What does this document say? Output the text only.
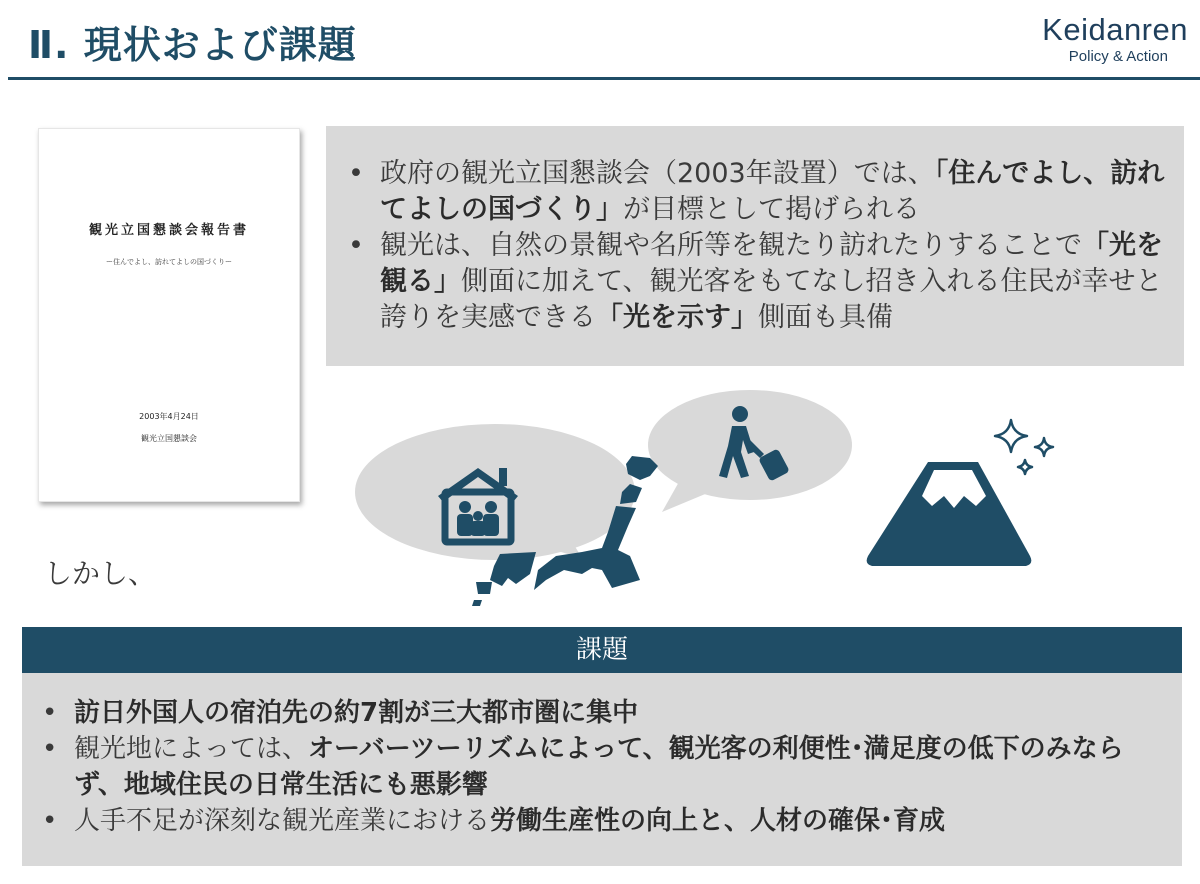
Ⅱ. 現状および課題	Keidanren
Policy & Action
観光立国懇談会報告書
ー住んでよし、訪れてよしの国づくりー
2003年4月24日
観光立国懇談会
• 政府の観光立国懇談会（2003年設置）では、「住んでよし、訪れてよしの国づくり」が目標として掲げられる
• 観光は、自然の景観や名所等を観たり訪れたりすることで「光を観る」側面に加えて、観光客をもてなし招き入れる住民が幸せと誇りを実感できる「光を示す」側面も具備
しかし、
課題
• 訪日外国人の宿泊先の約7割が三大都市圏に集中
• 観光地によっては、オーバーツーリズムによって、観光客の利便性･満足度の低下のみならず、地域住民の日常生活にも悪影響
• 人手不足が深刻な観光産業における労働生産性の向上と、人材の確保･育成
